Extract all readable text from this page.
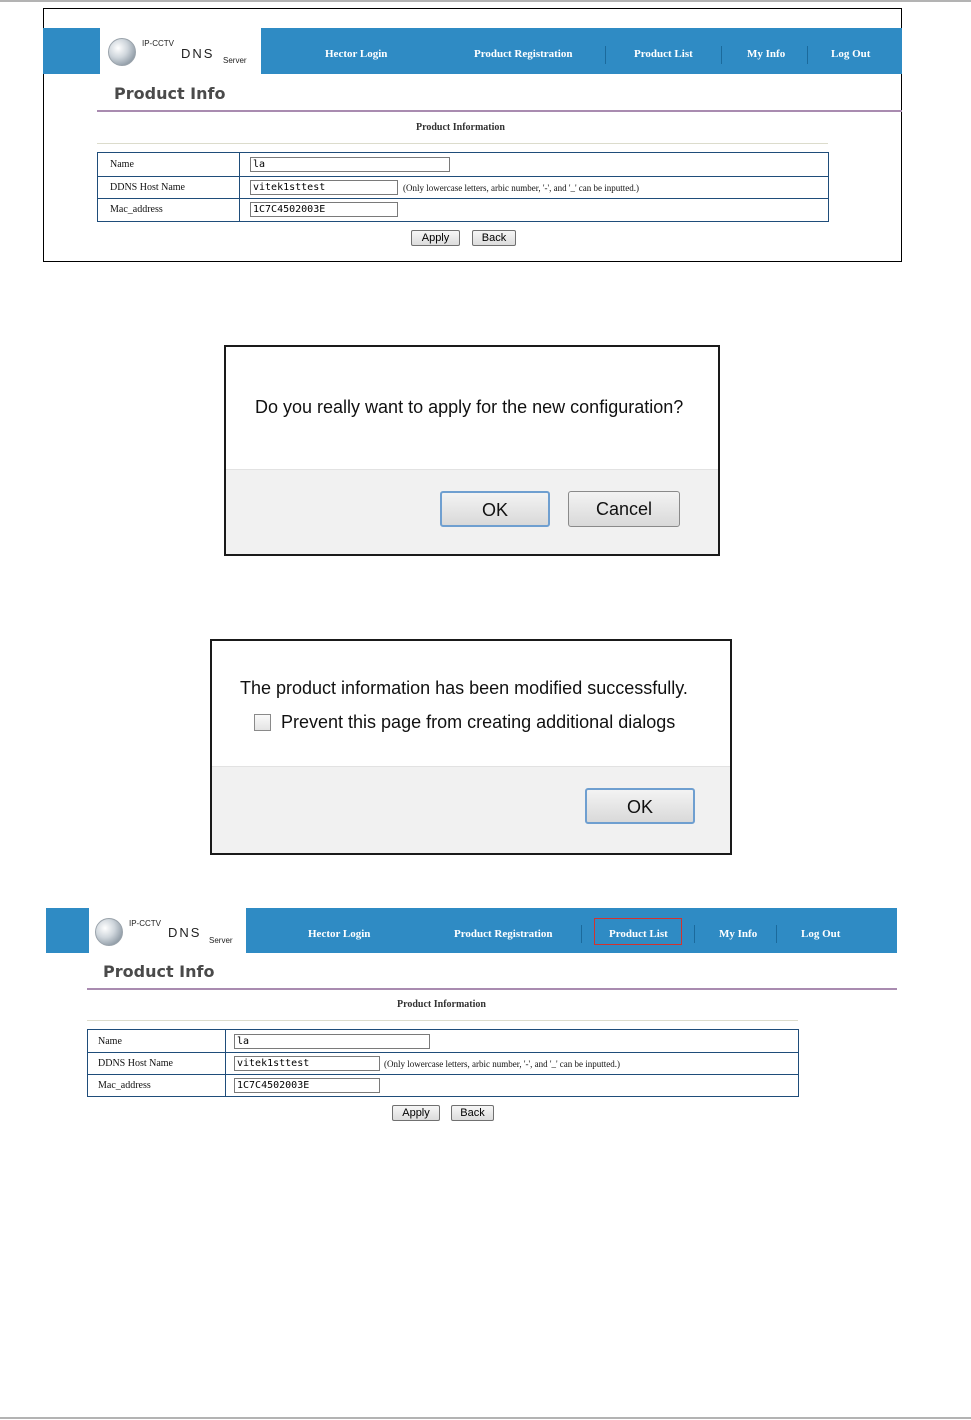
IP-CCTV
DNS Server
Hector Login	Product Registration	Product List	My Info	Log Out
Product Info
Product Information
Name	la
DDNS Host Name	vitek1sttest	(Only lowercase letters, arbic number, '-', and '_' can be inputted.)
Mac_address	1C7C4502003E
Apply	Back
Do you really want to apply for the new configuration?
OK	Cancel
The product information has been modified successfully.
Prevent this page from creating additional dialogs
OK
IP-CCTV
DNS
Server
Hector Login	Product Registration	Product List	My Info	Log Out
Product Info
Product Information
Name	la
DDNS Host Name	vitek1sttest	(Only lowercase letters, arbic number, '-', and '_' can be inputted.)
Mac_address	1C7C4502003E
Apply	Back
